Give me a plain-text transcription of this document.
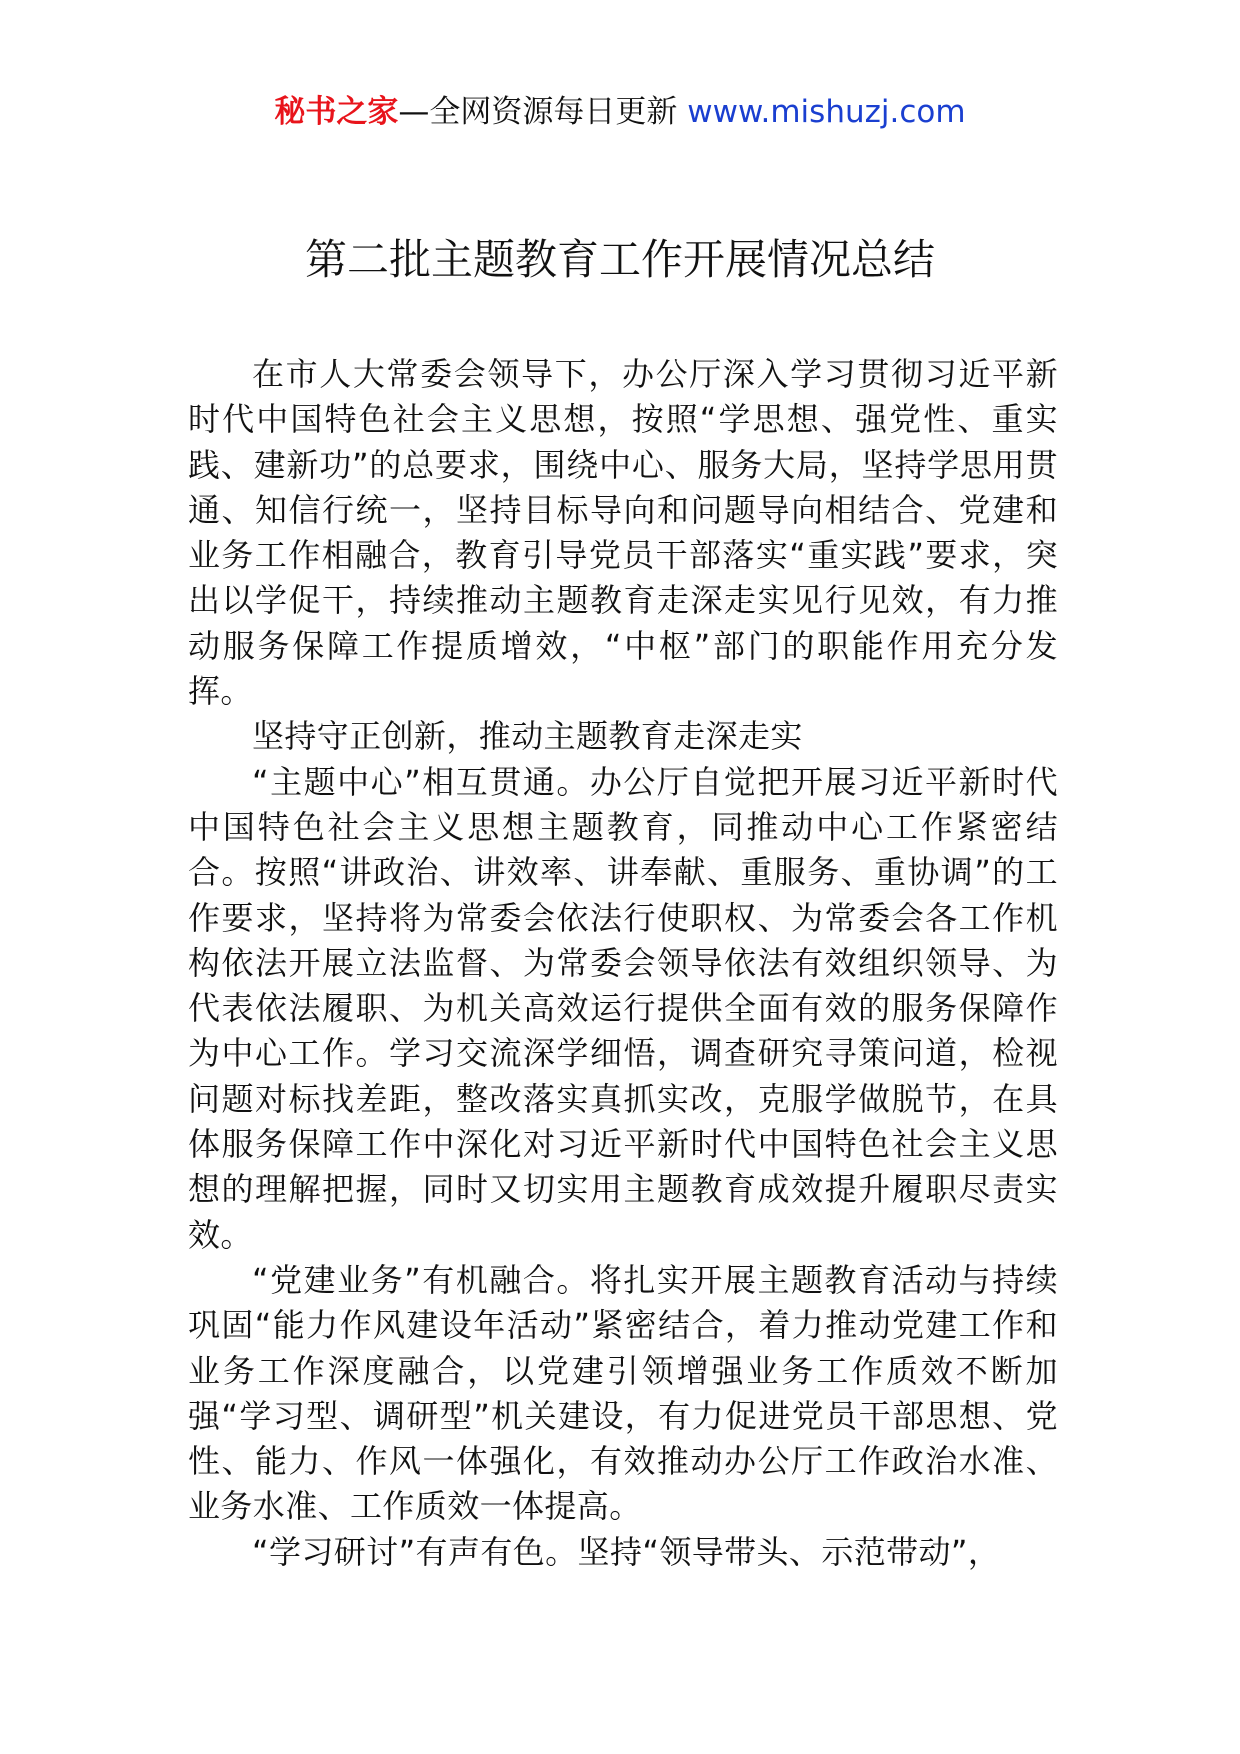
秘书之家—全网资源每日更新 www.mishuzj.com
第二批主题教育工作开展情况总结

在市人大常委会领导下，办公厅深入学习贯彻习近平新时代中国特色社会主义思想，按照“学思想、强党性、重实践、建新功”的总要求，围绕中心、服务大局，坚持学思用贯通、知信行统一，坚持目标导向和问题导向相结合、党建和业务工作相融合，教育引导党员干部落实“重实践”要求，突出以学促干，持续推动主题教育走深走实见行见效，有力推动服务保障工作提质增效，“中枢”部门的职能作用充分发挥。

坚持守正创新，推动主题教育走深走实

“主题中心”相互贯通。办公厅自觉把开展习近平新时代中国特色社会主义思想主题教育，同推动中心工作紧密结合。按照“讲政治、讲效率、讲奉献、重服务、重协调”的工作要求，坚持将为常委会依法行使职权、为常委会各工作机构依法开展立法监督、为常委会领导依法有效组织领导、为代表依法履职、为机关高效运行提供全面有效的服务保障作为中心工作。学习交流深学细悟，调查研究寻策问道，检视问题对标找差距，整改落实真抓实改，克服学做脱节，在具体服务保障工作中深化对习近平新时代中国特色社会主义思想的理解把握，同时又切实用主题教育成效提升履职尽责实效。

“党建业务”有机融合。将扎实开展主题教育活动与持续巩固“能力作风建设年活动”紧密结合，着力推动党建工作和业务工作深度融合，以党建引领增强业务工作质效不断加强“学习型、调研型”机关建设，有力促进党员干部思想、党性、能力、作风一体强化，有效推动办公厅工作政治水准、业务水准、工作质效一体提高。

“学习研讨”有声有色。坚持“领导带头、示范带动”，
